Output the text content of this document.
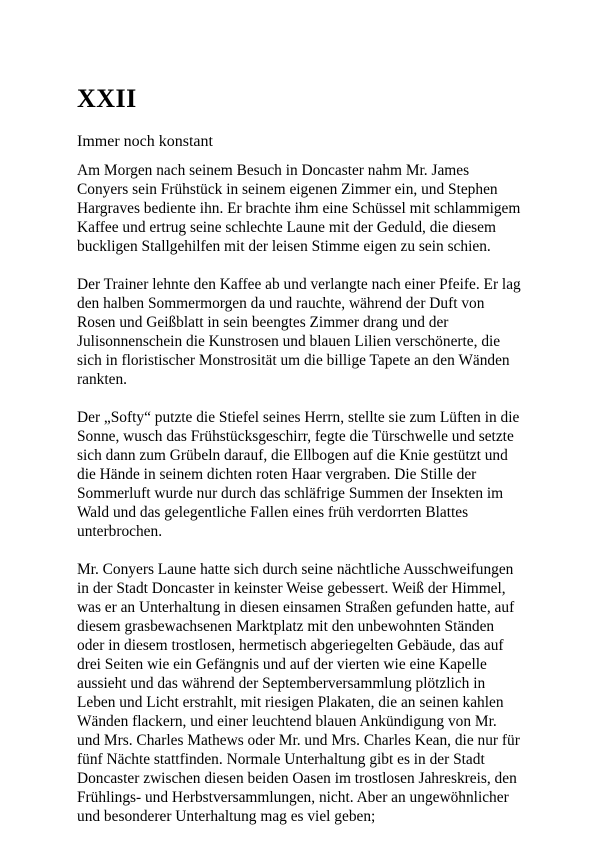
XXII
Immer noch konstant

Am Morgen nach seinem Besuch in Doncaster nahm Mr. James Conyers sein Frühstück in seinem eigenen Zimmer ein, und Stephen Hargraves bediente ihn. Er brachte ihm eine Schüssel mit schlammigem Kaffee und ertrug seine schlechte Laune mit der Geduld, die diesem buckligen Stallgehilfen mit der leisen Stimme eigen zu sein schien.

Der Trainer lehnte den Kaffee ab und verlangte nach einer Pfeife. Er lag den halben Sommermorgen da und rauchte, während der Duft von Rosen und Geißblatt in sein beengtes Zimmer drang und der Julisonnenschein die Kunstrosen und blauen Lilien verschönerte, die sich in floristischer Monstrosität um die billige Tapete an den Wänden rankten.

Der „Softy“ putzte die Stiefel seines Herrn, stellte sie zum Lüften in die Sonne, wusch das Frühstücksgeschirr, fegte die Türschwelle und setzte sich dann zum Grübeln darauf, die Ellbogen auf die Knie gestützt und die Hände in seinem dichten roten Haar vergraben. Die Stille der Sommerluft wurde nur durch das schläfrige Summen der Insekten im Wald und das gelegentliche Fallen eines früh verdorrten Blattes unterbrochen.

Mr. Conyers Laune hatte sich durch seine nächtliche Ausschweifungen in der Stadt Doncaster in keinster Weise gebessert. Weiß der Himmel, was er an Unterhaltung in diesen einsamen Straßen gefunden hatte, auf diesem grasbewachsenen Marktplatz mit den unbewohnten Ständen oder in diesem trostlosen, hermetisch abgeriegelten Gebäude, das auf drei Seiten wie ein Gefängnis und auf der vierten wie eine Kapelle aussieht und das während der Septemberversammlung plötzlich in Leben und Licht erstrahlt, mit riesigen Plakaten, die an seinen kahlen Wänden flackern, und einer leuchtend blauen Ankündigung von Mr. und Mrs. Charles Mathews oder Mr. und Mrs. Charles Kean, die nur für fünf Nächte stattfinden. Normale Unterhaltung gibt es in der Stadt Doncaster zwischen diesen beiden Oasen im trostlosen Jahreskreis, den Frühlings- und Herbstversammlungen, nicht. Aber an ungewöhnlicher und besonderer Unterhaltung mag es viel geben;
